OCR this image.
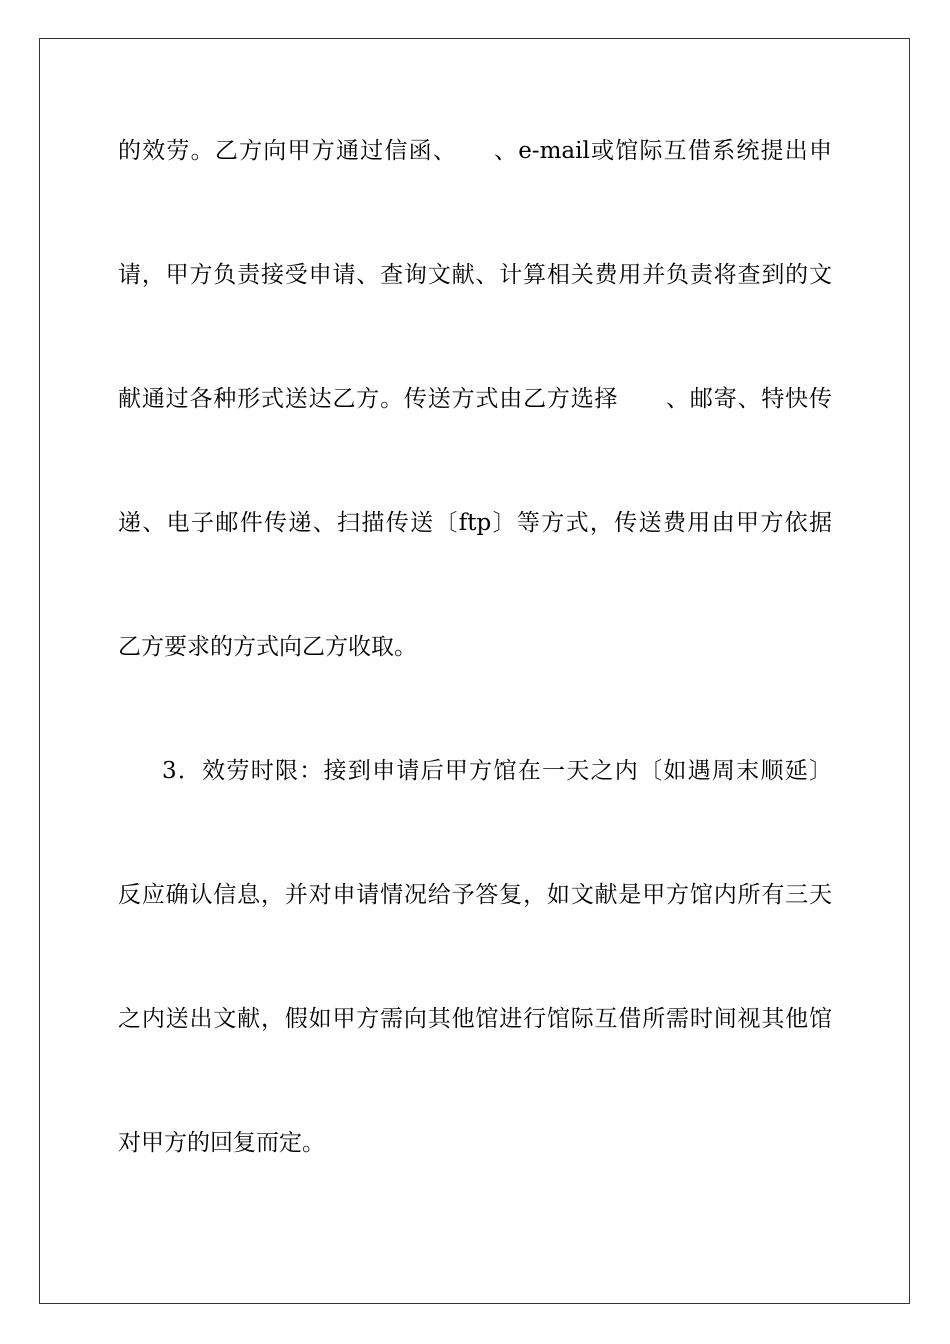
的效劳。乙方向甲方通过信函、　　、e-mail或馆际互借系统提出申
请，甲方负责接受申请、查询文献、计算相关费用并负责将查到的文
献通过各种形式送达乙方。传送方式由乙方选择　　、邮寄、特快传
递、电子邮件传递、扫描传送〔ftp〕等方式，传送费用由甲方依据
乙方要求的方式向乙方收取。
3．效劳时限：接到申请后甲方馆在一天之内〔如遇周末顺延〕
反应确认信息，并对申请情况给予答复，如文献是甲方馆内所有三天
之内送出文献，假如甲方需向其他馆进行馆际互借所需时间视其他馆
对甲方的回复而定。
